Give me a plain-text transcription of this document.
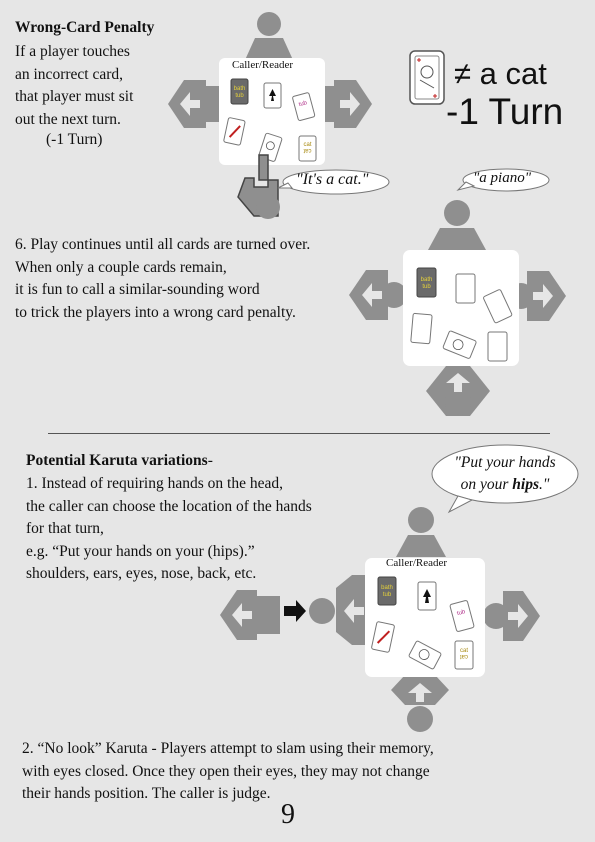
Wrong-Card Penalty
If a player touches
an incorrect card,
that player must sit
out the next turn.
(-1 Turn)
bath
tub
tub
cat
cat
bath
tub
bath
tub
tub
cat
cat
Caller/Reader
"It's a cat."
≠ a cat
-1 Turn
"a piano"
6. Play continues until all cards are turned over.
When only a couple cards remain,
it is fun to call a similar-sounding word
to trick the players into a wrong card penalty.
Potential Karuta variations-
1. Instead of requiring hands on the head,
the caller can choose the location of the hands
for that turn,
e.g. “Put your hands on your (hips).”
shoulders, ears, eyes, nose, back, etc.
"Put your hands
on your hips."
Caller/Reader
2. “No look” Karuta - Players attempt to slam using their memory,
with eyes closed. Once they open their eyes, they may not change
their hands position. The caller is judge.
9
